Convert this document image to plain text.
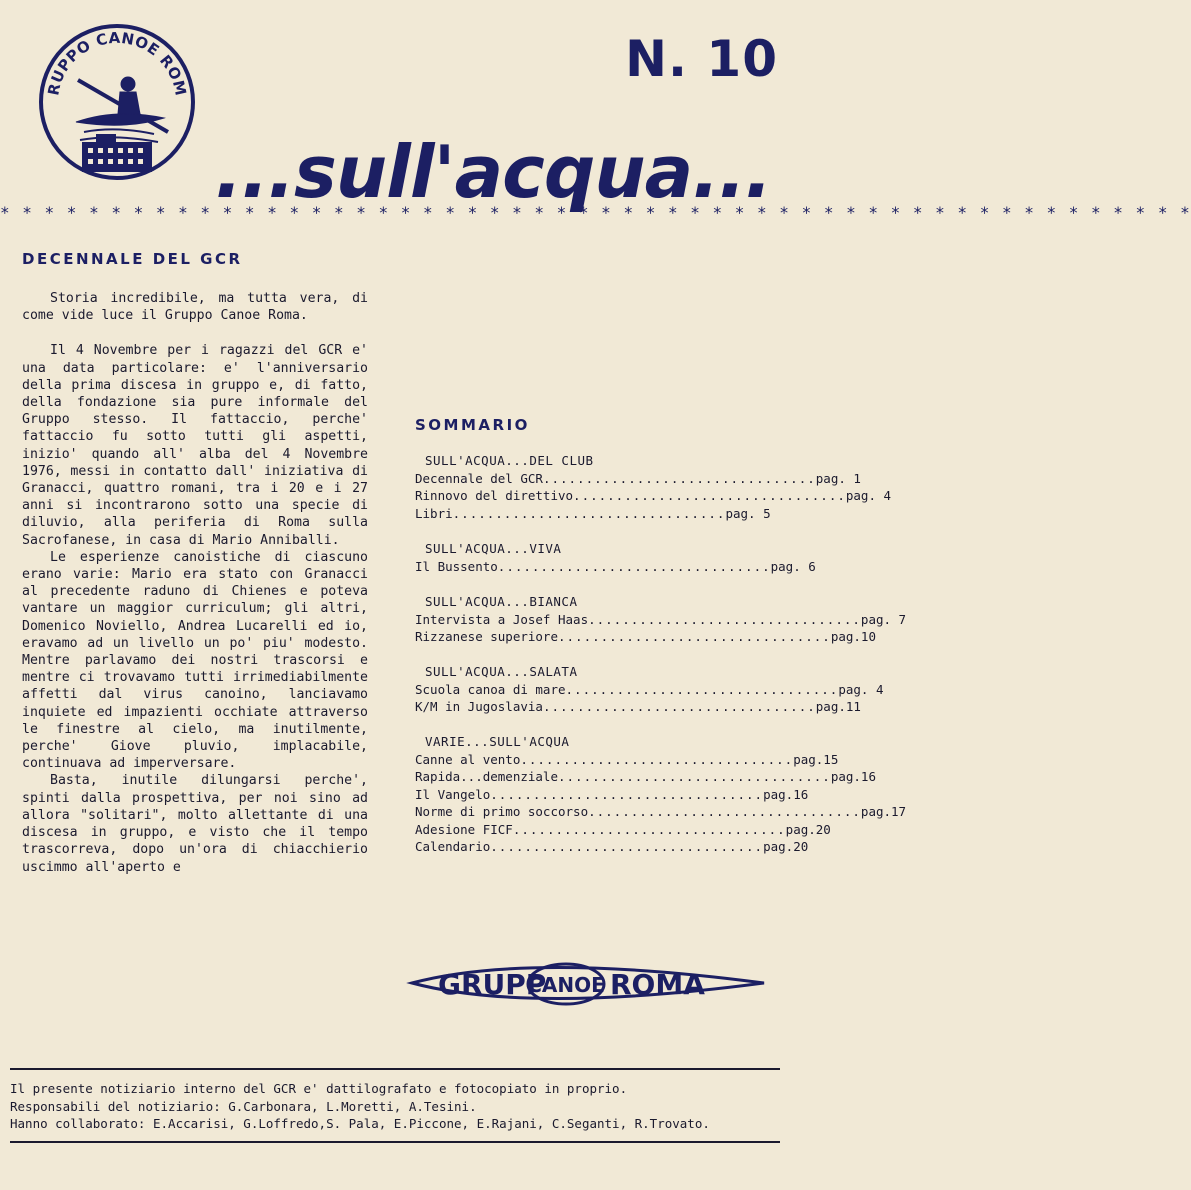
RUPPO CANOE ROM
N. 10
...sull'acqua...
* * * * * * * * * * * * * * * * * * * * * * * * * * * * * * * * * * * * * * * * * * * * * * * * * * * * * *
DECENNALE DEL GCR

Storia incredibile, ma tutta vera, di come vide luce il Gruppo Canoe Roma.

Il 4 Novembre per i ragazzi del GCR e' una data particolare: e' l'anniversario della prima discesa in gruppo e, di fatto, della fondazione sia pure informale del Gruppo stesso. Il fattaccio, perche' fattaccio fu sotto tutti gli aspetti, inizio' quando all' alba del 4 Novembre 1976, messi in contatto dall' iniziativa di Granacci, quattro romani, tra i 20 e i 27 anni si incontrarono sotto una specie di diluvio, alla periferia di Roma sulla Sacrofanese, in casa di Mario Anniballi.

Le esperienze canoistiche di ciascuno erano varie: Mario era stato con Granacci al precedente raduno di Chienes e poteva vantare un maggior curriculum; gli altri, Domenico Noviello, Andrea Lucarelli ed io, eravamo ad un livello un po' piu' modesto. Mentre parlavamo dei nostri trascorsi e mentre ci trovavamo tutti irrimediabilmente affetti dal virus canoino, lanciavamo inquiete ed impazienti occhiate attraverso le finestre al cielo, ma inutilmente, perche' Giove pluvio, implacabile, continuava ad imperversare.

Basta, inutile dilungarsi perche', spinti dalla prospettiva, per noi sino ad allora "solitari", molto allettante di una discesa in gruppo, e visto che il tempo trascorreva, dopo un'ora di chiacchierio uscimmo all'aperto e

SOMMARIO
SULL'ACQUA...DEL CLUB
Decennale del GCR ................................ pag. 1
Rinnovo del direttivo ................................ pag. 4
Libri ................................ pag. 5
SULL'ACQUA...VIVA
Il Bussento ................................ pag. 6
SULL'ACQUA...BIANCA
Intervista a Josef Haas ................................ pag. 7
Rizzanese superiore ................................ pag.10
SULL'ACQUA...SALATA
Scuola canoa di mare ................................ pag. 4
K/M in Jugoslavia ................................ pag.11
VARIE...SULL'ACQUA
Canne al vento ................................ pag.15
Rapida...demenziale ................................ pag.16
Il Vangelo ................................ pag.16
Norme di primo soccorso ................................ pag.17
Adesione FICF ................................ pag.20
Calendario ................................ pag.20
GRUPP
CANOE ROMA
Il presente notiziario interno del GCR e' dattilografato e fotocopiato in proprio.
Responsabili del notiziario: G.Carbonara, L.Moretti, A.Tesini.
Hanno collaborato: E.Accarisi, G.Loffredo,S. Pala, E.Piccone, E.Rajani, C.Seganti, R.Trovato.
